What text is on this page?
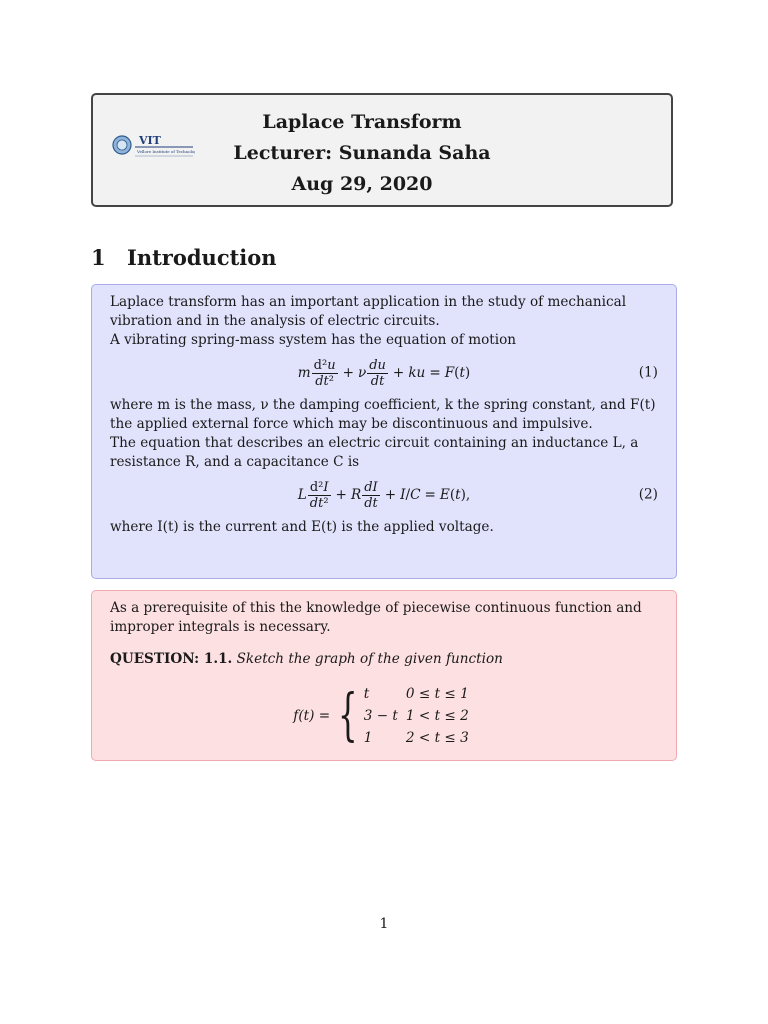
VIT
Vellore Institute of Technology
Laplace Transform
Lecturer: Sunanda Saha
Aug 29, 2020
1 Introduction

Laplace transform has an important application in the study of mechanical vibration and in the analysis of electric circuits.

A vibrating spring-mass system has the equation of motion

m $\frac{\text{d²u}}{\text{dt²}} + \nu \frac{du}{dt}$ + ku = F ( t )	(1)

where m is the mass, ν the damping coefficient, k the spring constant, and F(t) the applied external force which may be discontinuous and impulsive.

The equation that describes an electric circuit containing an inductance L, a resistance R, and a capacitance C is

L $\frac{\text{d²I}}{\text{dt²}} + R \frac{dI}{dt} + I / C = E$ ( t ),	(2)

where I(t) is the current and E(t) is the applied voltage.

As a prerequisite of this the knowledge of piecewise continuous function and improper integrals is necessary.

QUESTION: 1.1. Sketch the graph of the given function

f(t) = { t	0 ≤ t ≤ 1
3 − t	1 < t ≤ 2
1	2 < t ≤ 3
1
